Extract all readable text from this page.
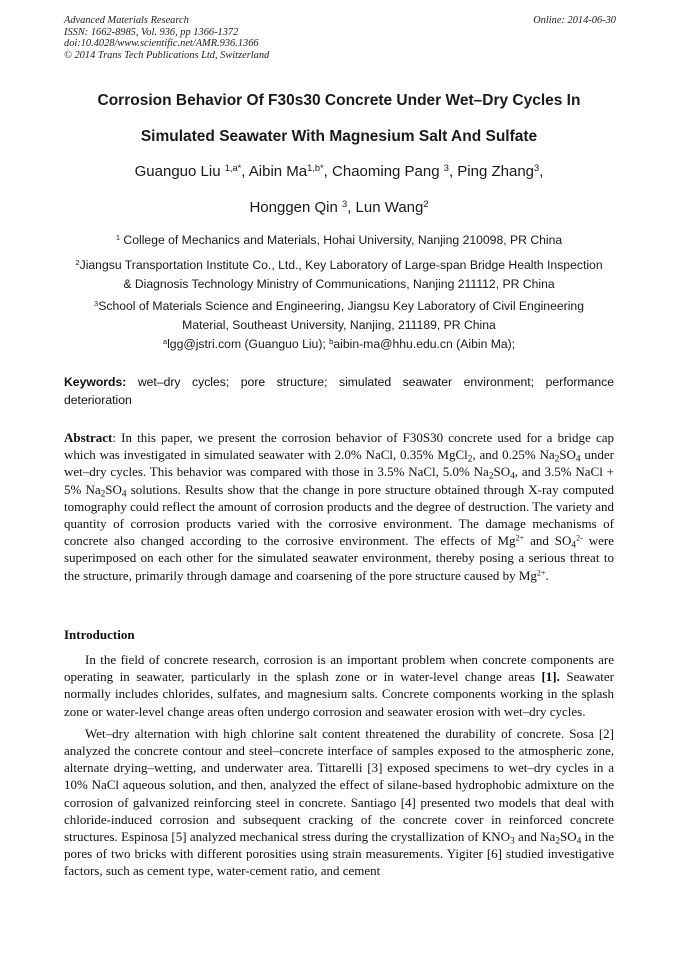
Advanced Materials Research
ISSN: 1662-8985, Vol. 936, pp 1366-1372
doi:10.4028/www.scientific.net/AMR.936.1366
© 2014 Trans Tech Publications Ltd, Switzerland
Online: 2014-06-30
Corrosion Behavior Of F30s30 Concrete Under Wet–Dry Cycles In
Simulated Seawater With Magnesium Salt And Sulfate
Guanguo Liu $^{1,a*}$, Aibin $Ma^{1,b*}$, Chaoming Pang $^3$, Ping Zhang$^3$,
Honggen Qin $^3$, Lun Wang$^2$
$^1$ College of Mechanics and Materials, Hohai University, Nanjing 210098, PR China
$^2$Jiangsu Transportation Institute Co., Ltd., Key Laboratory of Large-span Bridge Health Inspection
& Diagnosis Technology Ministry of Communications, Nanjing 211112, PR China
$^3$School of Materials Science and Engineering, Jiangsu Key Laboratory of Civil Engineering
Material, Southeast University, Nanjing, 211189, PR China
$^a$lgg@jstri.com (Guanguo Liu); $^b$aibin-ma@hhu.edu.cn (Aibin Ma);
Keywords: wet–dry cycles; pore structure; simulated seawater environment; performance deterioration

Abstract: In this paper, we present the corrosion behavior of F30S30 concrete used for a bridge cap which was investigated in simulated seawater with 2.0% NaCl, 0.35% MgCl$_2$, and 0.25% $Na_2SO_4$ under wet–dry cycles. This behavior was compared with those in 3.5% NaCl, 5.0% $Na_2SO_4$, and 3.5% NaCl + 5% $Na_2SO_4$ solutions. Results show that the change in pore structure obtained through X-ray computed tomography could reflect the amount of corrosion products and the degree of destruction. The variety and quantity of corrosion products varied with the corrosive environment. The damage mechanisms of concrete also changed according to the corrosive environment. The effects of $Mg^{2+}$ and $SO_4^{2-}$ were superimposed on each other for the simulated seawater environment, thereby posing a serious threat to the structure, primarily through damage and coarsening of the pore structure caused by $Mg^{2+}$.

Introduction

In the field of concrete research, corrosion is an important problem when concrete components are operating in seawater, particularly in the splash zone or in water-level change areas [1]. Seawater normally includes chlorides, sulfates, and magnesium salts. Concrete components working in the splash zone or water-level change areas often undergo corrosion and seawater erosion with wet–dry cycles.

Wet–dry alternation with high chlorine salt content threatened the durability of concrete. Sosa [2] analyzed the concrete contour and steel–concrete interface of samples exposed to the atmospheric zone, alternate drying–wetting, and underwater area. Tittarelli [3] exposed specimens to wet–dry cycles in a 10% NaCl aqueous solution, and then, analyzed the effect of silane-based hydrophobic admixture on the corrosion of galvanized reinforcing steel in concrete. Santiago [4] presented two models that deal with chloride-induced corrosion and subsequent cracking of the concrete cover in reinforced concrete structures. Espinosa [5] analyzed mechanical stress during the crystallization of $KNO_3$ and $Na_2SO_4$ in the pores of two bricks with different porosities using strain measurements. Yigiter [6] studied investigative factors, such as cement type, water-cement ratio, and cement
